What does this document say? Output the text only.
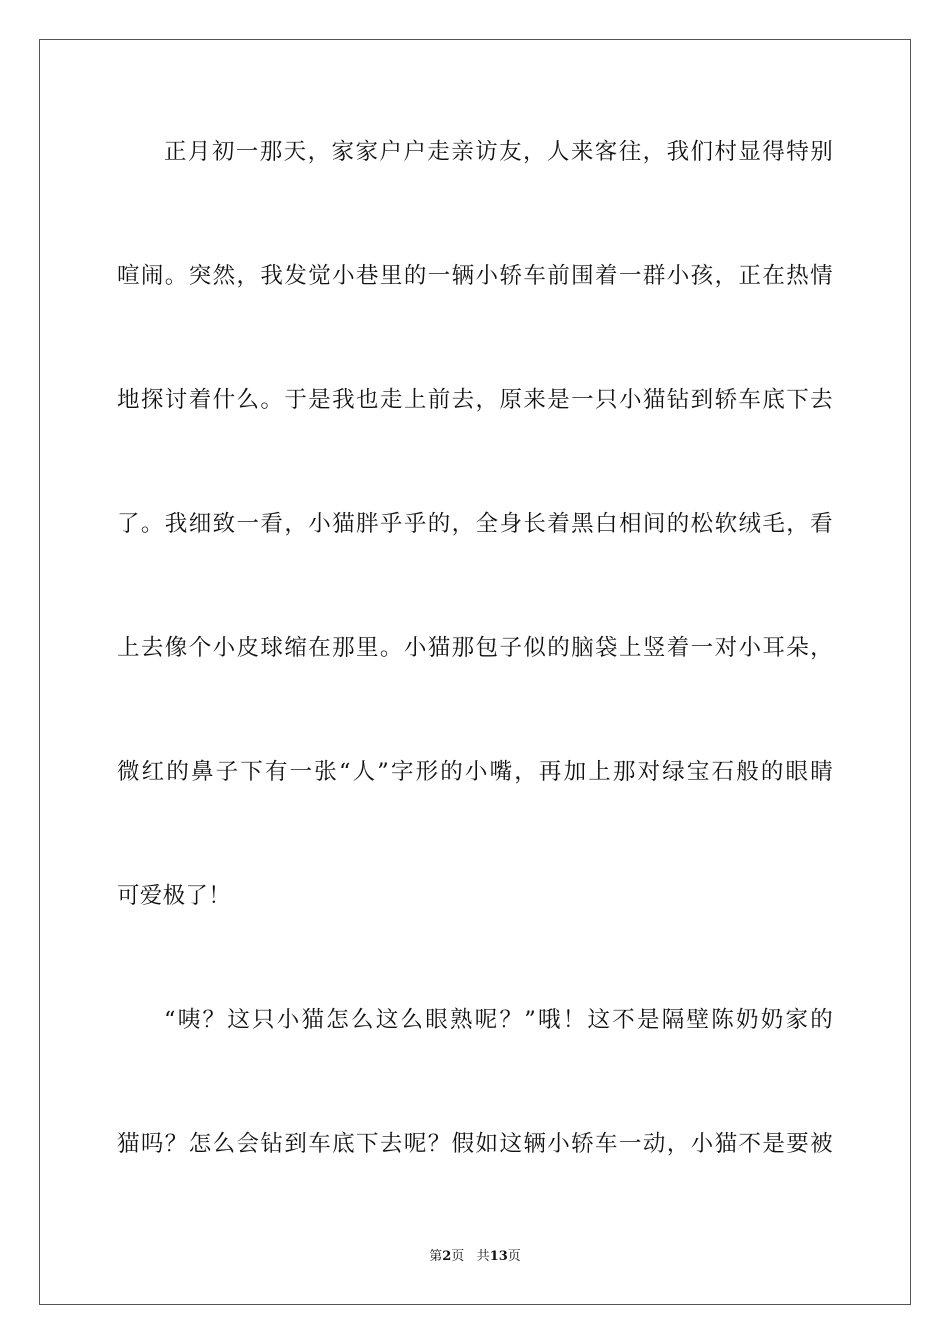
正月初一那天，家家户户走亲访友，人来客往，我们村显得特别
喧闹。突然，我发觉小巷里的一辆小轿车前围着一群小孩，正在热情
地探讨着什么。于是我也走上前去，原来是一只小猫钻到轿车底下去
了。我细致一看，小猫胖乎乎的，全身长着黑白相间的松软绒毛，看
上去像个小皮球缩在那里。小猫那包子似的脑袋上竖着一对小耳朵，
微红的鼻子下有一张“人”字形的小嘴，再加上那对绿宝石般的眼睛
可爱极了！
“咦？这只小猫怎么这么眼熟呢？”哦！这不是隔壁陈奶奶家的
猫吗？怎么会钻到车底下去呢？假如这辆小轿车一动，小猫不是要被
第2页 共13页
